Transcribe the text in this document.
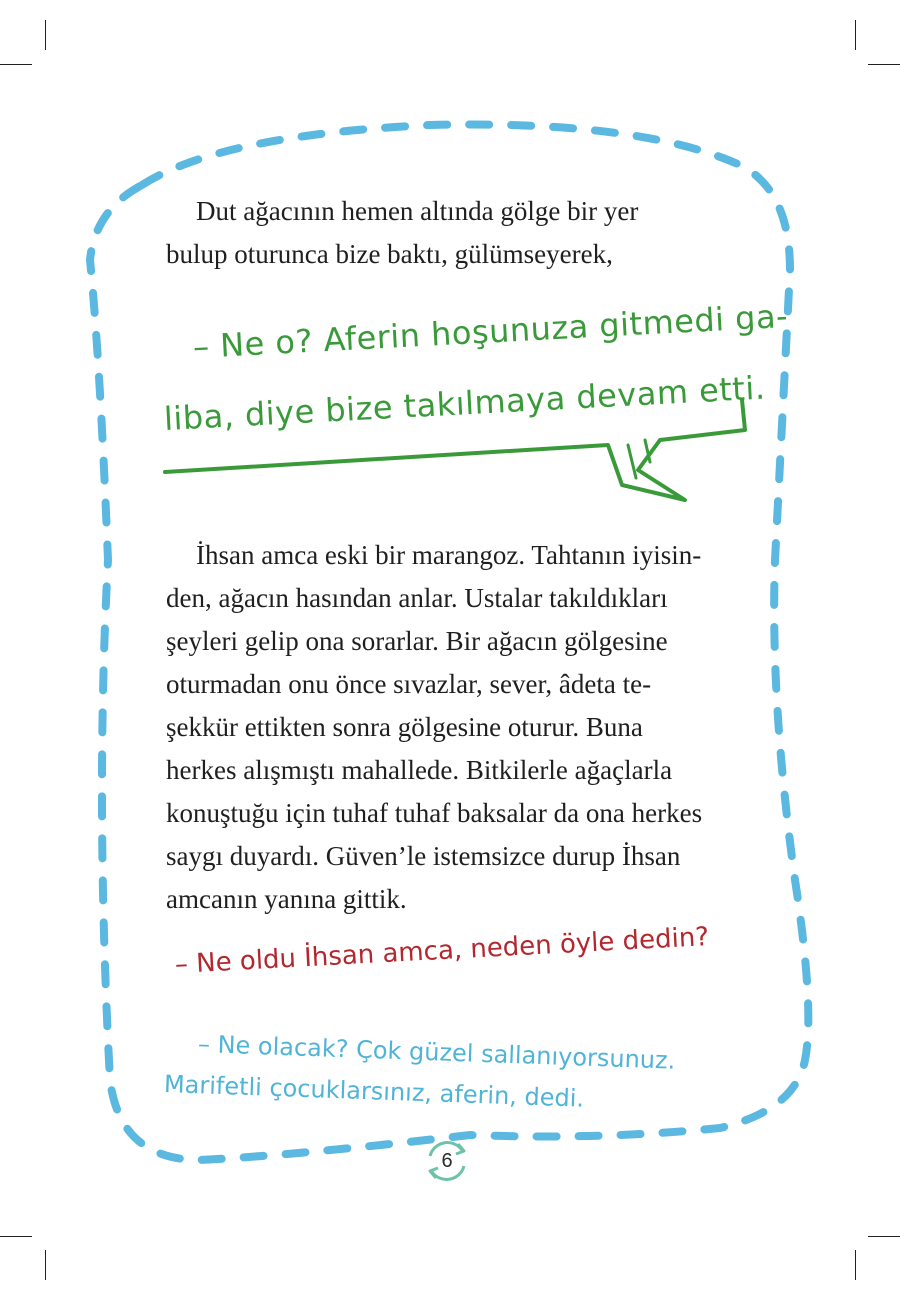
Dut ağacının hemen altında gölge bir yer
bulup oturunca bize baktı, gülümseyerek,

– Ne o? Aferin hoşunuza gitmedi ga-

liba, diye bize takılmaya devam etti.

İhsan amca eski bir marangoz. Tahtanın iyisin-
den, ağacın hasından anlar. Ustalar takıldıkları
şeyleri gelip ona sorarlar. Bir ağacın gölgesine
oturmadan onu önce sıvazlar, sever, âdeta te-
şekkür ettikten sonra gölgesine oturur. Buna
herkes alışmıştı mahallede. Bitkilerle ağaçlarla
konuştuğu için tuhaf tuhaf baksalar da ona herkes
saygı duyardı. Güven’le istemsizce durup İhsan
amcanın yanına gittik.

– Ne oldu İhsan amca, neden öyle dedin?

– Ne olacak? Çok güzel sallanıyorsunuz.

Marifetli çocuklarsınız, aferin, dedi.

6
